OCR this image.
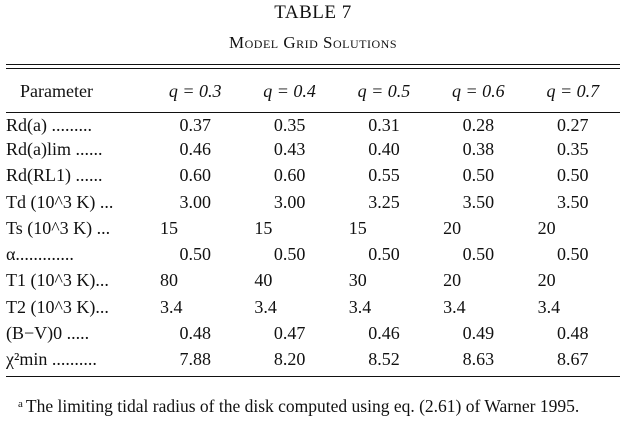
TABLE 7
Model Grid Solutions
Parameter	q = 0.3	q = 0.4	q = 0.5	q = 0.6	q = 0.7
Rd(a) .........	0.37	0.35	0.31	0.28	0.27
Rd(a)lim ......	0.46	0.43	0.40	0.38	0.35
Rd(RL1) ......	0.60	0.60	0.55	0.50	0.50
Td (10^3 K) ...	3.00	3.00	3.25	3.50	3.50
Ts (10^3 K) ...	15	15	15	20	20
α.............	0.50	0.50	0.50	0.50	0.50
T1 (10^3 K)...	80	40	30	20	20
T2 (10^3 K)...	3.4	3.4	3.4	3.4	3.4
(B−V)0 .....	0.48	0.47	0.46	0.49	0.48
χ²min ..........	7.88	8.20	8.52	8.63	8.67
$^a$ The limiting tidal radius of the disk computed using eq. (2.61) of Warner 1995.
